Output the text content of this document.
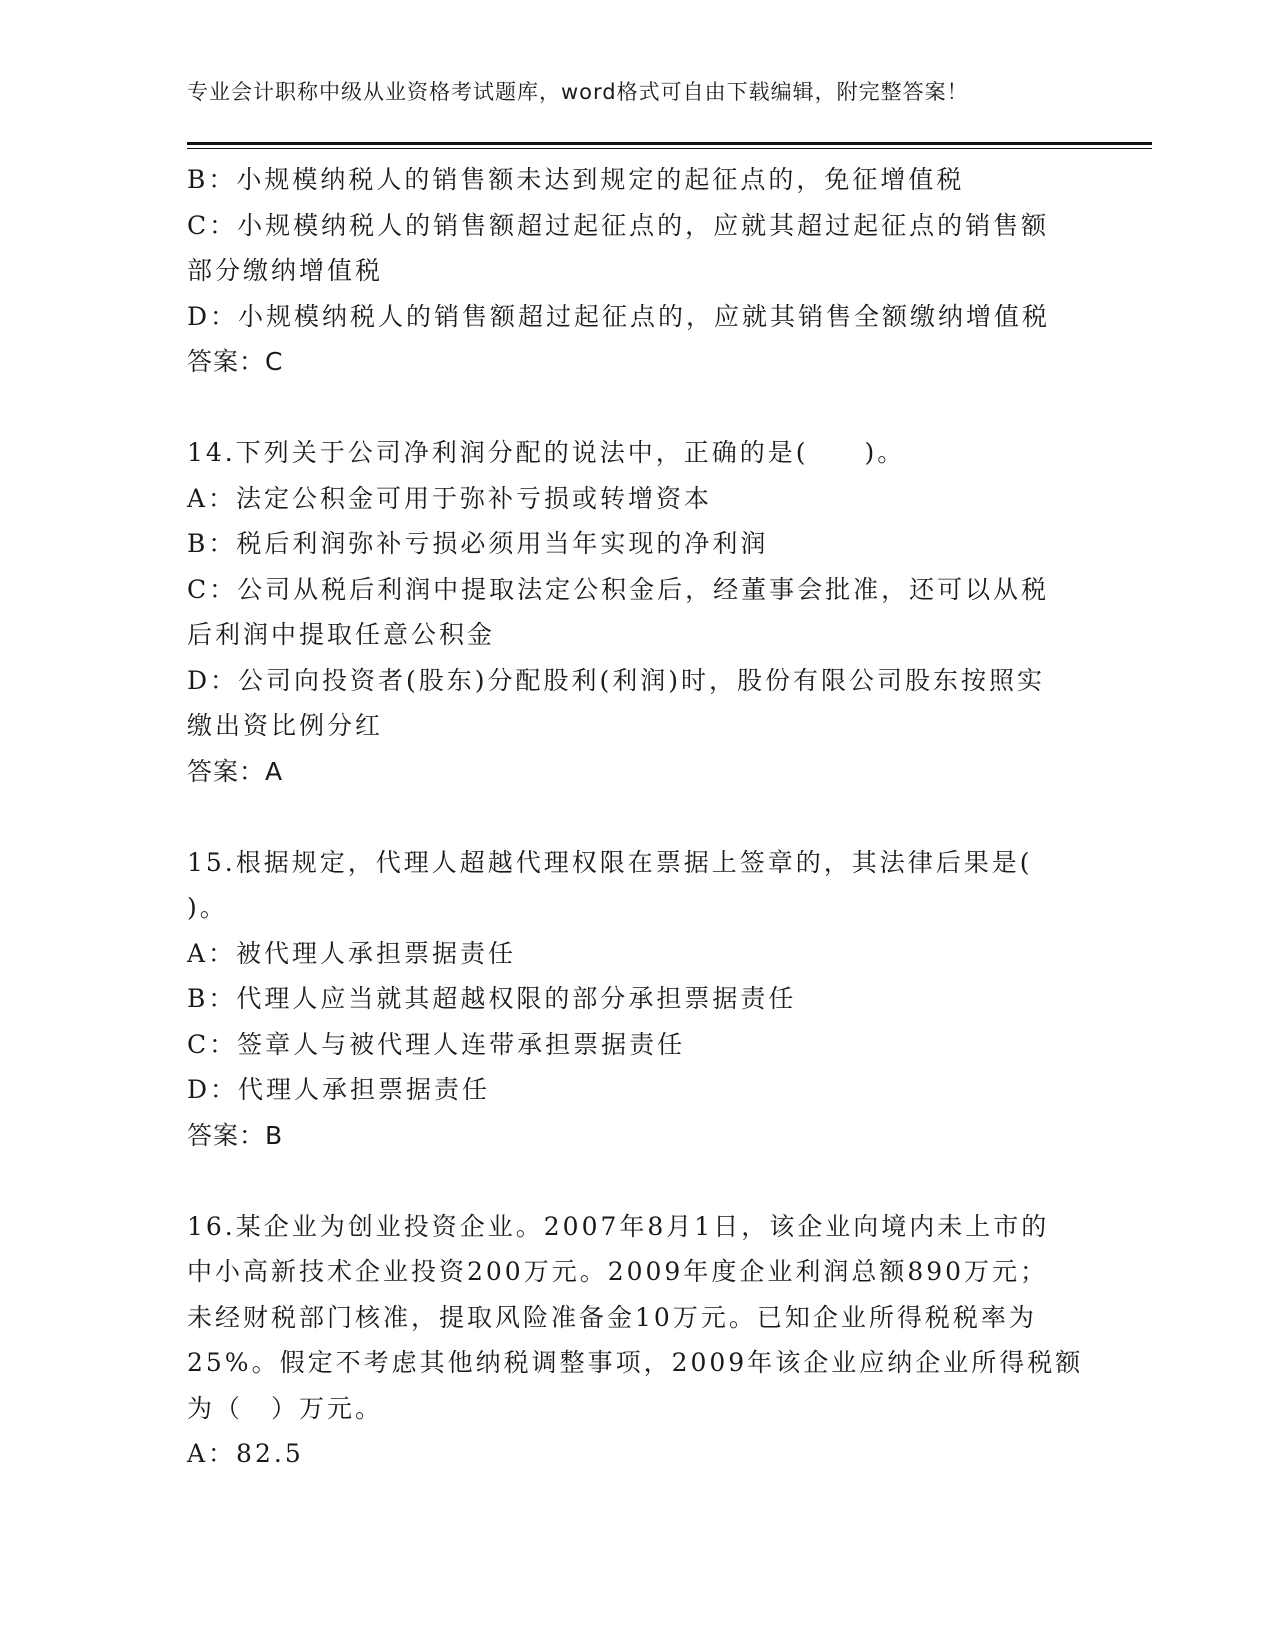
专业会计职称中级从业资格考试题库，word格式可自由下载编辑，附完整答案！
B：小规模纳税人的销售额未达到规定的起征点的，免征增值税
C：小规模纳税人的销售额超过起征点的，应就其超过起征点的销售额
部分缴纳增值税
D：小规模纳税人的销售额超过起征点的，应就其销售全额缴纳增值税
答案：C
14.下列关于公司净利润分配的说法中，正确的是(　　)。
A：法定公积金可用于弥补亏损或转增资本
B：税后利润弥补亏损必须用当年实现的净利润
C：公司从税后利润中提取法定公积金后，经董事会批准，还可以从税
后利润中提取任意公积金
D：公司向投资者(股东)分配股利(利润)时，股份有限公司股东按照实
缴出资比例分红
答案：A
15.根据规定，代理人超越代理权限在票据上签章的，其法律后果是(
)。
A：被代理人承担票据责任
B：代理人应当就其超越权限的部分承担票据责任
C：签章人与被代理人连带承担票据责任
D：代理人承担票据责任
答案：B
16.某企业为创业投资企业。2007年8月1日，该企业向境内未上市的
中小高新技术企业投资200万元。2009年度企业利润总额890万元；
未经财税部门核准，提取风险准备金10万元。已知企业所得税税率为
25%。假定不考虑其他纳税调整事项，2009年该企业应纳企业所得税额
为（　）万元。
A：82.5
